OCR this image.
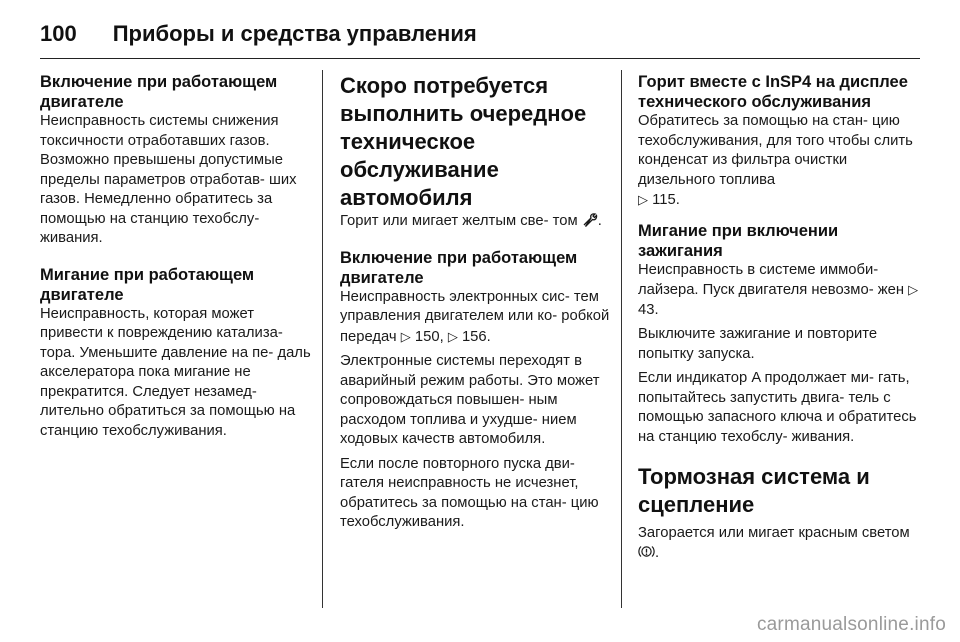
100 Приборы и средства управления
Включение при работающем двигателе

Неисправность системы снижения токсичности отработавших газов. Возможно превышены допустимые пределы параметров отработав- ших газов. Немедленно обратитесь за помощью на станцию техобслу- живания.

Мигание при работающем двигателе

Неисправность, которая может привести к повреждению катализа- тора. Уменьшите давление на пе- даль акселератора пока мигание не прекратится. Следует незамед- лительно обратиться за помощью на станцию техобслуживания.

Скоро потребуется выполнить очередное техническое обслуживание автомобиля

Горит или мигает желтым све- том .

Включение при работающем двигателе

Неисправность электронных сис- тем управления двигателем или ко- робкой передач ▷ 150, ▷ 156.

Электронные системы переходят в аварийный режим работы. Это может сопровождаться повышен- ным расходом топлива и ухудше- нием ходовых качеств автомобиля.

Если после повторного пуска дви- гателя неисправность не исчезнет, обратитесь за помощью на стан- цию техобслуживания.

Горит вместе с InSP4 на дисплее технического обслуживания

Обратитесь за помощью на стан- цию техобслуживания, для того чтобы слить конденсат из фильтра очистки дизельного топлива

▷ 115.

Мигание при включении зажигания

Неисправность в системе иммоби- лайзера. Пуск двигателя невозмо- жен ▷ 43.

Выключите зажигание и повторите попытку запуска.

Если индикатор A продолжает ми- гать, попытайтесь запустить двига- тель с помощью запасного ключа и обратитесь на станцию техобслу- живания.

Тормозная система и сцепление

Загорается или мигает красным светом .

carmanualsonline.info
